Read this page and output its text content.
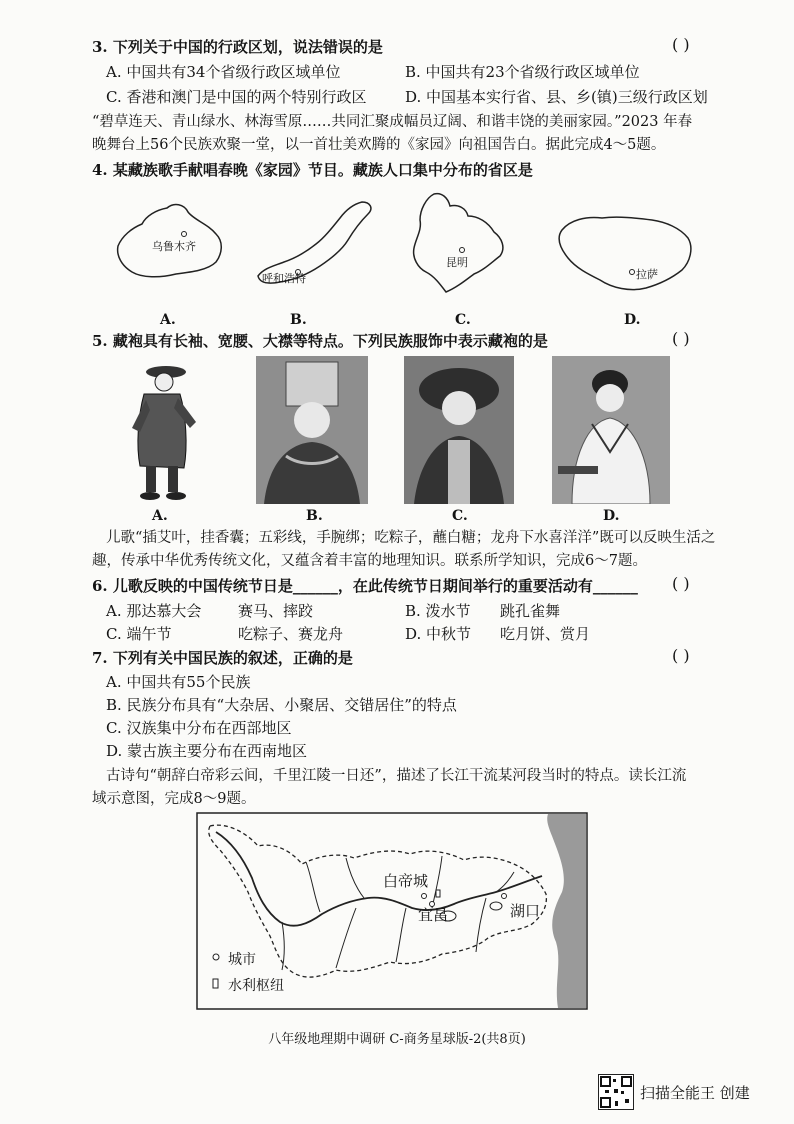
3. 下列关于中国的行政区划，说法错误的是	( )
A. 中国共有34个省级行政区域单位	B. 中国共有23个省级行政区域单位
C. 香港和澳门是中国的两个特别行政区	D. 中国基本实行省、县、乡(镇)三级行政区划
“碧草连天、青山绿水、林海雪原……共同汇聚成幅员辽阔、和谐丰饶的美丽家园。”2023 年春
晚舞台上56个民族欢聚一堂，以一首壮美欢腾的《家园》向祖国告白。据此完成4～5题。
4. 某藏族歌手献唱春晚《家园》节目。藏族人口集中分布的省区是
乌鲁木齐
A.
呼和浩特
B.
昆明
C.
拉萨
D.
5. 藏袍具有长袖、宽腰、大襟等特点。下列民族服饰中表示藏袍的是	( )
A.	B.	C.	D.
儿歌“插艾叶，挂香囊；五彩线，手腕绑；吃粽子，蘸白糖；龙舟下水喜洋洋”既可以反映生活之
趣，传承中华优秀传统文化，又蕴含着丰富的地理知识。联系所学知识，完成6～7题。
6. 儿歌反映的中国传统节日是______，在此传统节日期间举行的重要活动有______ ( )
A. 那达慕大会 赛马、摔跤	B. 泼水节 跳孔雀舞
C. 端午节	吃粽子、赛龙舟	D. 中秋节 吃月饼、赏月
7. 下列有关中国民族的叙述，正确的是	( )
A. 中国共有55个民族
B. 民族分布具有“大杂居、小聚居、交错居住”的特点
C. 汉族集中分布在西部地区
D. 蒙古族主要分布在西南地区
古诗句“朝辞白帝彩云间，千里江陵一日还”，描述了长江干流某河段当时的特点。读长江流
域示意图，完成8～9题。
白帝城
宜昌	湖口
城市
水利枢纽
八年级地理期中调研 C-商务星球版-2(共8页)
扫描全能王 创建
